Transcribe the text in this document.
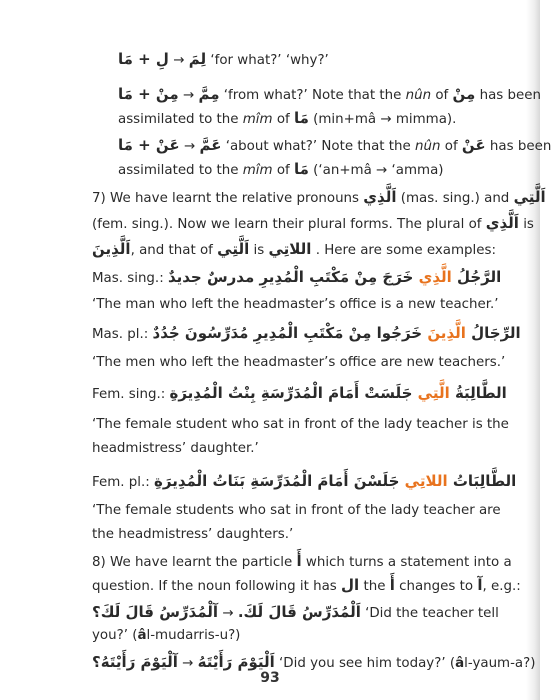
لِ + مَا → لِمَ ‘for what?’ ‘why?’
مِنْ + مَا → مِمَّ ‘from what?’ Note that the nûn of مِنْ has been
assimilated to the mîm of مَا (min+mâ → mimma).
عَنْ + مَا → عَمَّ ‘about what?’ Note that the nûn of عَنْ has been
assimilated to the mîm of مَا (‘an+mâ → ‘amma)
7) We have learnt the relative pronouns اَلَّذِي (mas. sing.) and اَلَّتِي
(fem. sing.). Now we learn their plural forms. The plural of اَلَّذِي is
اَلَّذِينَ, and that of اَلَّتِي is اللاتِي . Here are some examples:
Mas. sing.:	الرَّجُلُ الَّذِي خَرَجَ مِنْ مَكْتَبِ الْمُدِيرِ مدرسٌ جديدٌ
‘The man who left the headmaster’s office is a new teacher.’
Mas. pl.:	الرِّجَالُ الَّذِينَ خَرَجُوا مِنْ مَكْتَبِ الْمُدِيرِ مُدَرِّسُونَ جُدُدٌ
‘The men who left the headmaster’s office are new teachers.’
Fem. sing.:	الطَّالِبَةُ الَّتِي جَلَسَتْ أَمَامَ الْمُدَرِّسَةِ بِنْتُ الْمُدِيرَةِ
‘The female student who sat in front of the lady teacher is the
headmistress’ daughter.’
Fem. pl.:	الطَّالِبَاتُ اللاتِي جَلَسْنَ أَمَامَ الْمُدَرِّسَةِ بَنَاتُ الْمُدِيرَةِ
‘The female students who sat in front of the lady teacher are
the headmistress’ daughters.’
8) We have learnt the particle أَ which turns a statement into a
question. If the noun following it has ال the أَ changes to آ, e.g.:
آلْمُدَرِّسُ قَالَ لَكَ؟ → اَلْمُدَرِّسُ قَالَ لَكَ. ‘Did the teacher tell
you?’ (âl-mudarris-u?)
آلْيَوْمَ رَأَيْتَهُ؟ → اَلْيَوْمَ رَأَيْتَهُ ‘Did you see him today?’ (âl-yaum-a?)
93
